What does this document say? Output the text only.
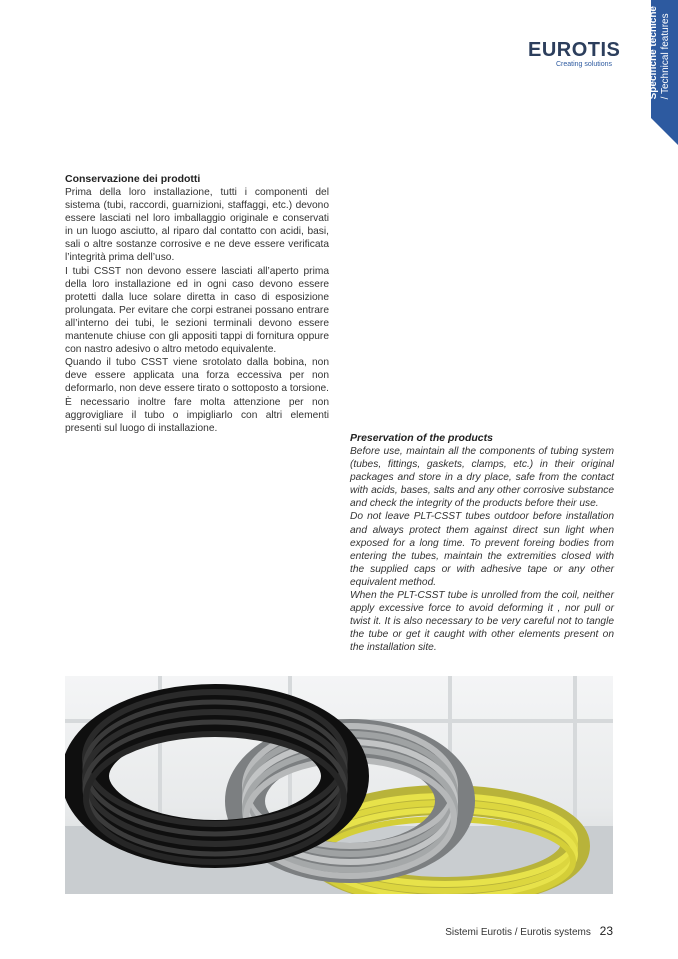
Specifiche tecniche
/ Technical features
EUROTIS
Creating solutions
Conservazione dei prodotti
Prima della loro installazione, tutti i componenti del sistema (tubi, raccordi, guarnizioni, staffaggi, etc.) devono essere lasciati nel loro imballaggio originale e conservati in un luogo asciutto, al riparo dal contatto con acidi, basi, sali o altre sostanze corrosive e ne deve essere verificata l’integrità prima dell’uso.
I tubi CSST non devono essere lasciati all’aperto prima della loro installazione ed in ogni caso devono essere protetti dalla luce solare diretta in caso di esposizione prolungata. Per evitare che corpi estranei possano entrare all’interno dei tubi, le sezioni terminali devono essere mantenute chiuse con gli appositi tappi di fornitura oppure con nastro adesivo o altro metodo equivalente.
Quando il tubo CSST viene srotolato dalla bobina, non deve essere applicata una forza eccessiva per non deformarlo, non deve essere tirato o sottoposto a torsione. È necessario inoltre fare molta attenzione per non aggrovigliare il tubo o impigliarlo con altri elementi presenti sul luogo di installazione.
Preservation of the products
Before use, maintain all the components of tubing system (tubes, fittings, gaskets, clamps, etc.) in their original packages and store in a dry place, safe from the contact with acids, bases, salts and any other corrosive substance and check the integrity of the products before their use.
Do not leave PLT-CSST tubes outdoor before installation and always protect them against direct sun light when exposed for a long time. To prevent foreing bodies from entering the tubes, maintain the extremities closed with the supplied caps or with adhesive tape or any other equivalent method.
When the PLT-CSST tube is unrolled from the coil, neither apply excessive force to avoid deforming it , nor pull or twist it. It is also necessary to be very careful not to tangle the tube or get it caught with other elements present on the installation site.
Sistemi Eurotis / Eurotis systems 23
